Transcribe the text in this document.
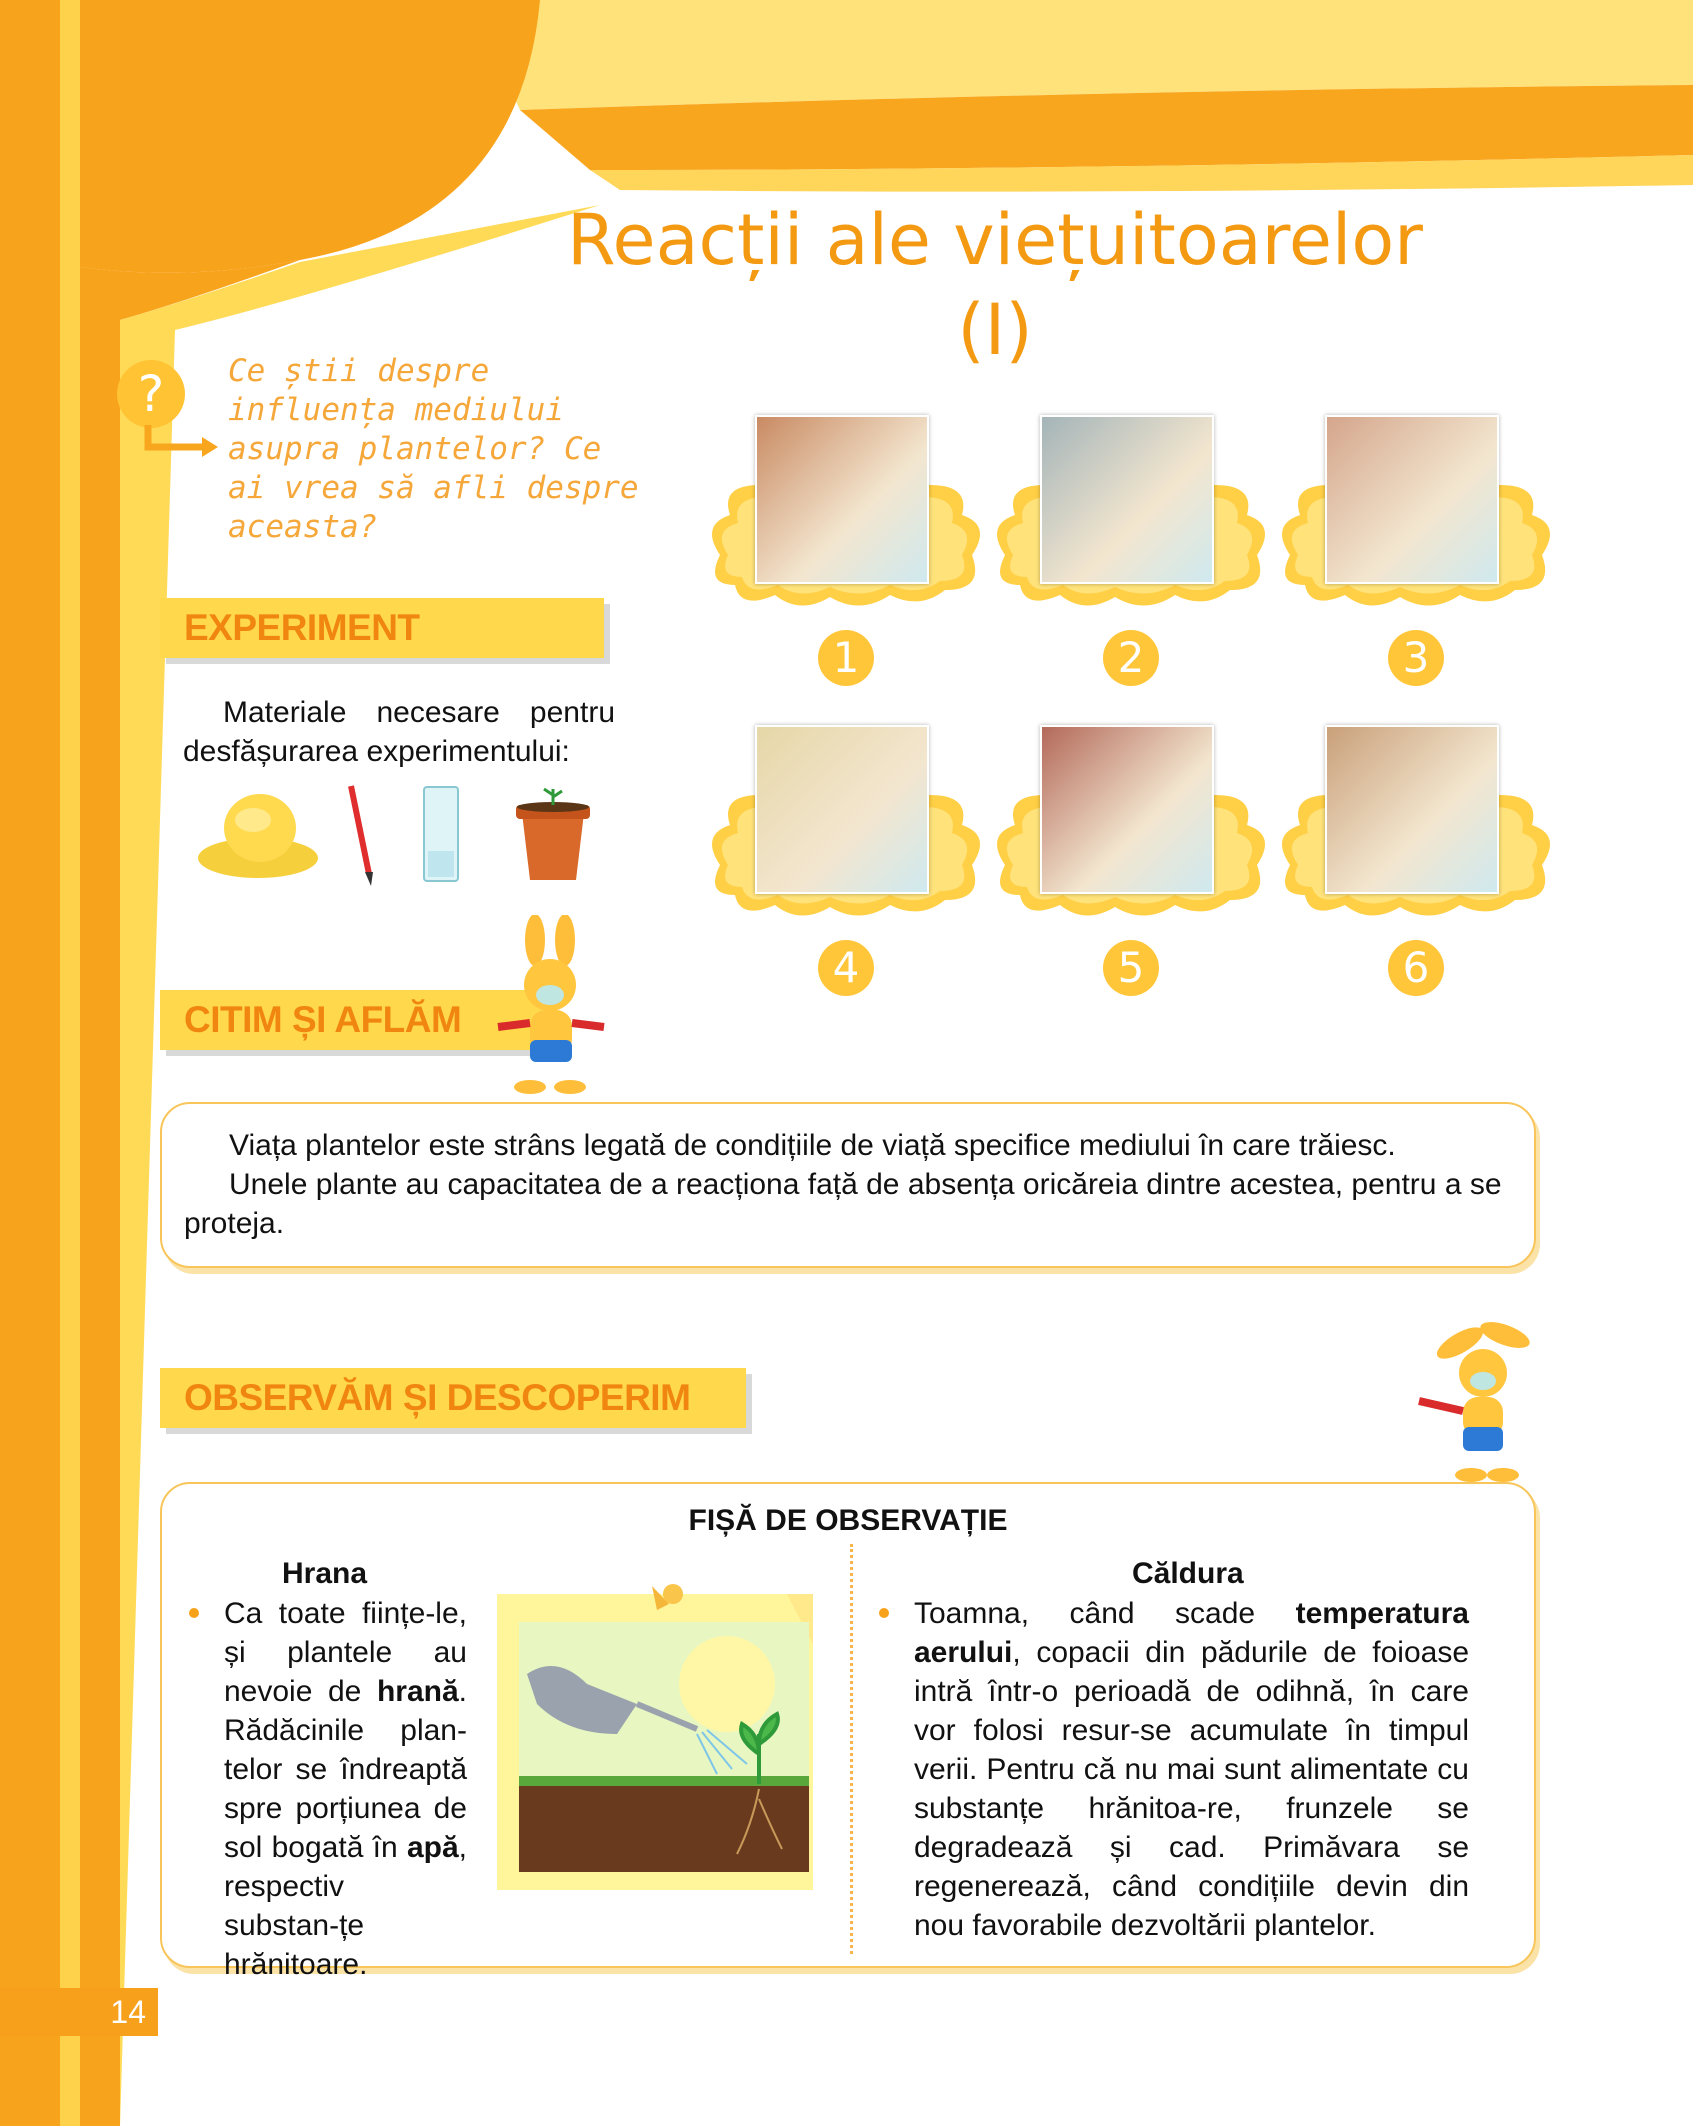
Reacții ale viețuitoarelor
(I)
?	Ce știi despre influența mediului asupra plantelor? Ce ai vrea să afli despre aceasta?
EXPERIMENT
Materiale necesare pentru desfășurarea experimentului:
1	2	3
4	5	6
CITIM ȘI AFLĂM

Viața plantelor este strâns legată de condițiile de viață specifice mediului în care trăiesc.

Unele plante au capacitatea de a reacționa față de absența oricăreia dintre acestea, pentru a se proteja.

OBSERVĂM ȘI DESCOPERIM
FIȘĂ DE OBSERVAȚIE
Hrana
Ca toate ființe-le, și plantele au nevoie de hrană. Rădăcinile plan-telor se îndreaptă spre porțiunea de sol bogată în apă, respectiv substan-țe hrănitoare.
Căldura
Toamna, când scade temperatura aerului, copacii din pădurile de foioase intră într-o perioadă de odihnă, în care vor folosi resur-se acumulate în timpul verii. Pentru că nu mai sunt alimentate cu substanțe hrănitoa-re, frunzele se degradează și cad. Primăvara se regenerează, când condițiile devin din nou favorabile dezvoltării plantelor.
14
